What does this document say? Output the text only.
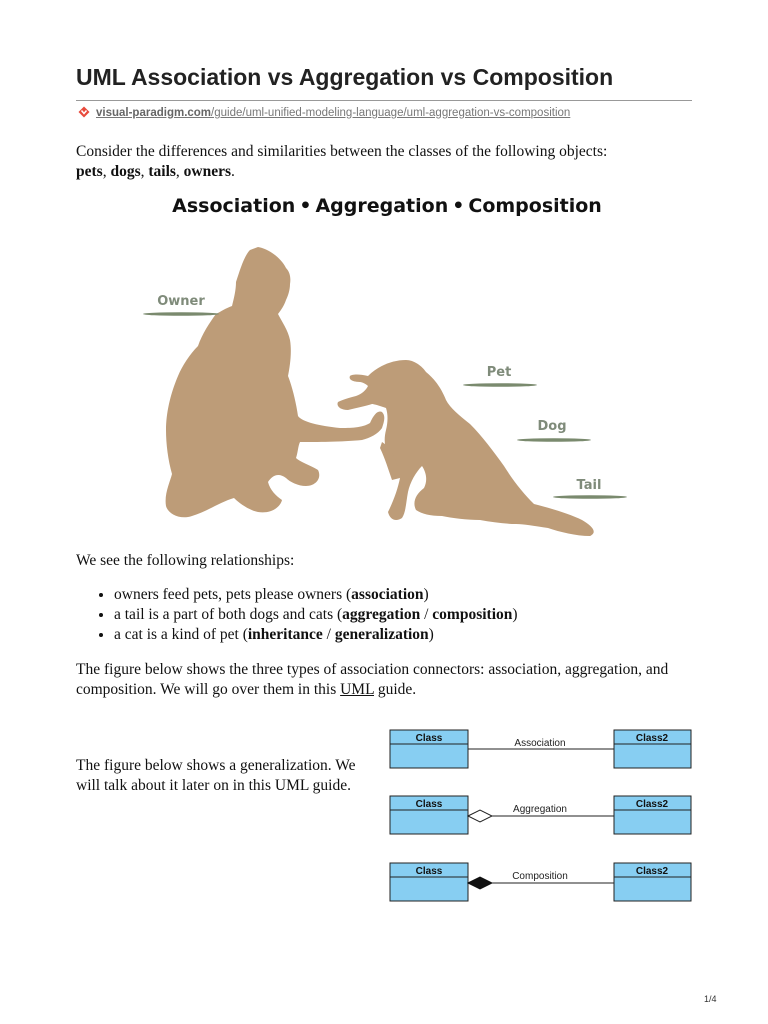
UML Association vs Aggregation vs Composition
visual-paradigm.com/guide/uml-unified-modeling-language/uml-aggregation-vs-composition

Consider the differences and similarities between the classes of the following objects:
pets, dogs, tails, owners.

Association • Aggregation • Composition
Owner
Pet
Dog
Tail

We see the following relationships:

• owners feed pets, pets please owners (association)
• a tail is a part of both dogs and cats (aggregation / composition)
• a cat is a kind of pet (inheritance / generalization)

The figure below shows the three types of association connectors: association, aggregation, and composition. We will go over them in this UML guide.

The figure below shows a generalization. We will talk about it later on in this UML guide.

Class	Association	Class2
Class	Aggregation	Class2
Class	Composition	Class2
1/4
